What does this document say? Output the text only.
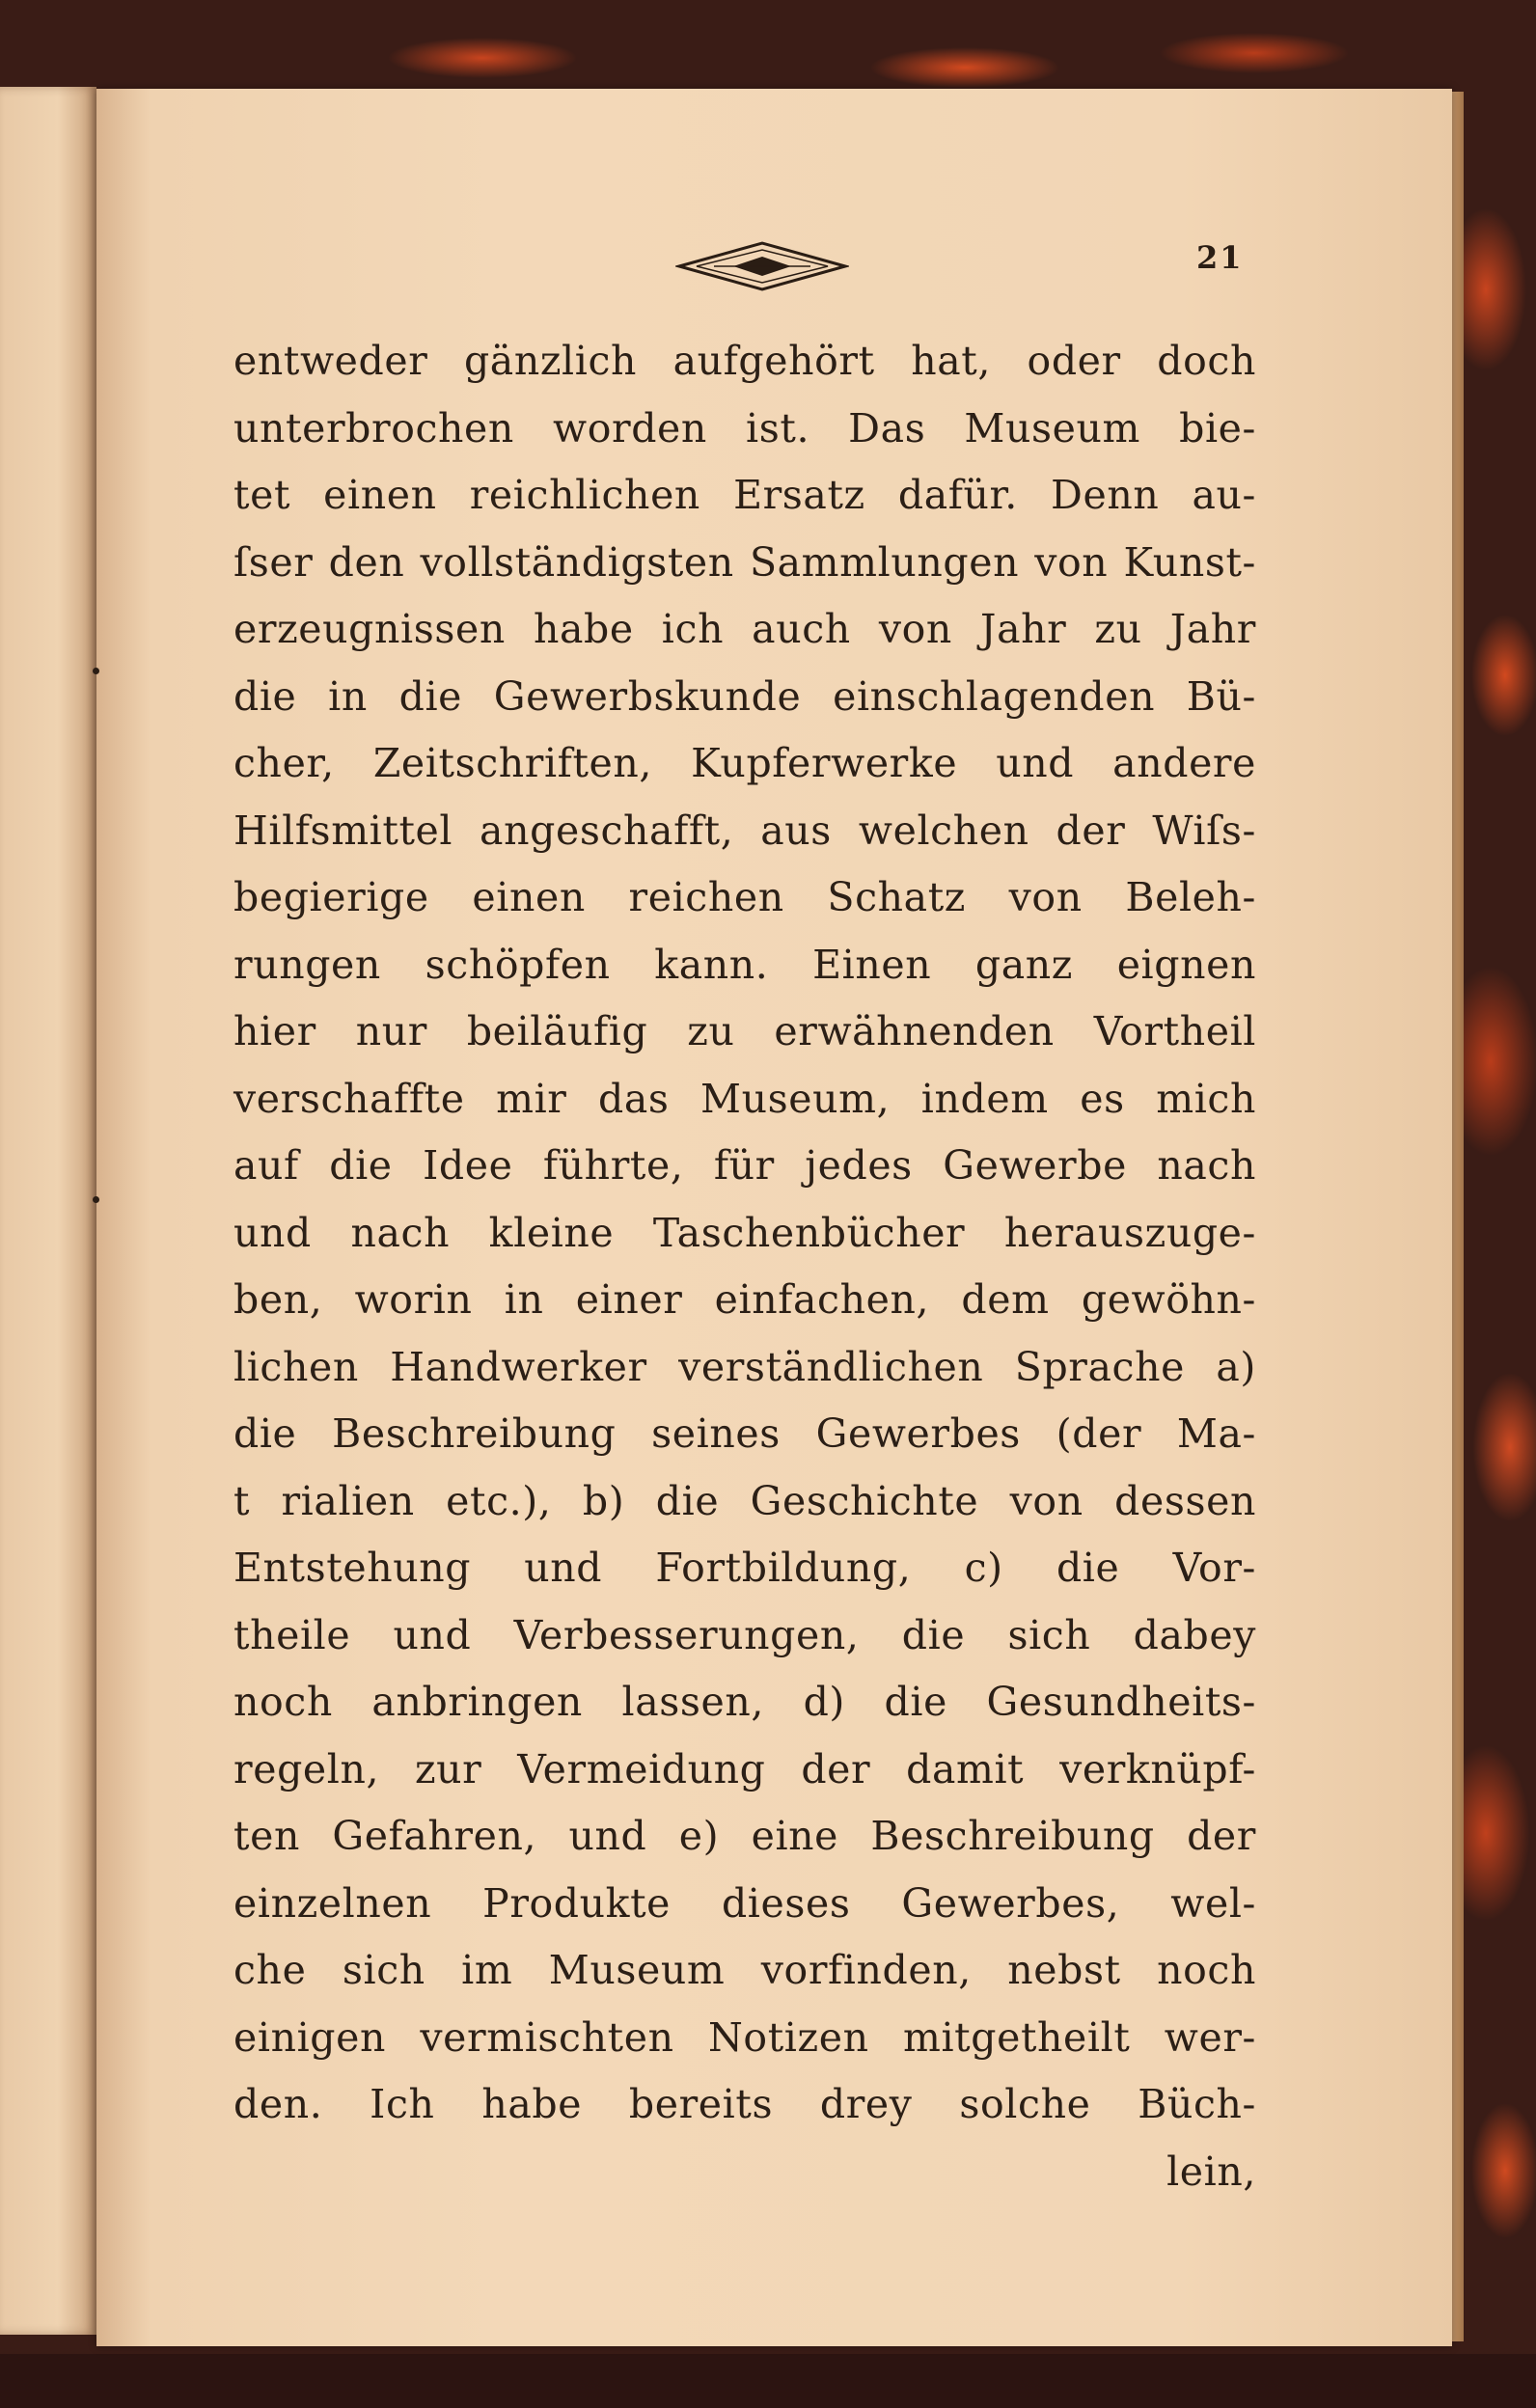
21
entweder gänzlich aufgehört hat, oder doch
unterbrochen worden ist. Das Museum bie-
tet einen reichlichen Ersatz dafür. Denn au-
ſser den vollständigsten Sammlungen von Kunst-
erzeugnissen habe ich auch von Jahr zu Jahr
die in die Gewerbskunde einschlagenden Bü-
cher, Zeitschriften, Kupferwerke und andere
Hilfsmittel angeschafft, aus welchen der Wiſs-
begierige einen reichen Schatz von Beleh-
rungen schöpfen kann. Einen ganz eignen
hier nur beiläufig zu erwähnenden Vortheil
verschaffte mir das Museum, indem es mich
auf die Idee führte, für jedes Gewerbe nach
und nach kleine Taschenbücher herauszuge-
ben, worin in einer einfachen, dem gewöhn-
lichen Handwerker verständlichen Sprache a)
die Beschreibung seines Gewerbes (der Ma-
t rialien etc.), b) die Geschichte von dessen
Entstehung und Fortbildung, c) die Vor-
theile und Verbesserungen, die sich dabey
noch anbringen lassen, d) die Gesundheits-
regeln, zur Vermeidung der damit verknüpf-
ten Gefahren, und e) eine Beschreibung der
einzelnen Produkte dieses Gewerbes, wel-
che sich im Museum vorfinden, nebst noch
einigen vermischten Notizen mitgetheilt wer-
den. Ich habe bereits drey solche Büch-
lein,
